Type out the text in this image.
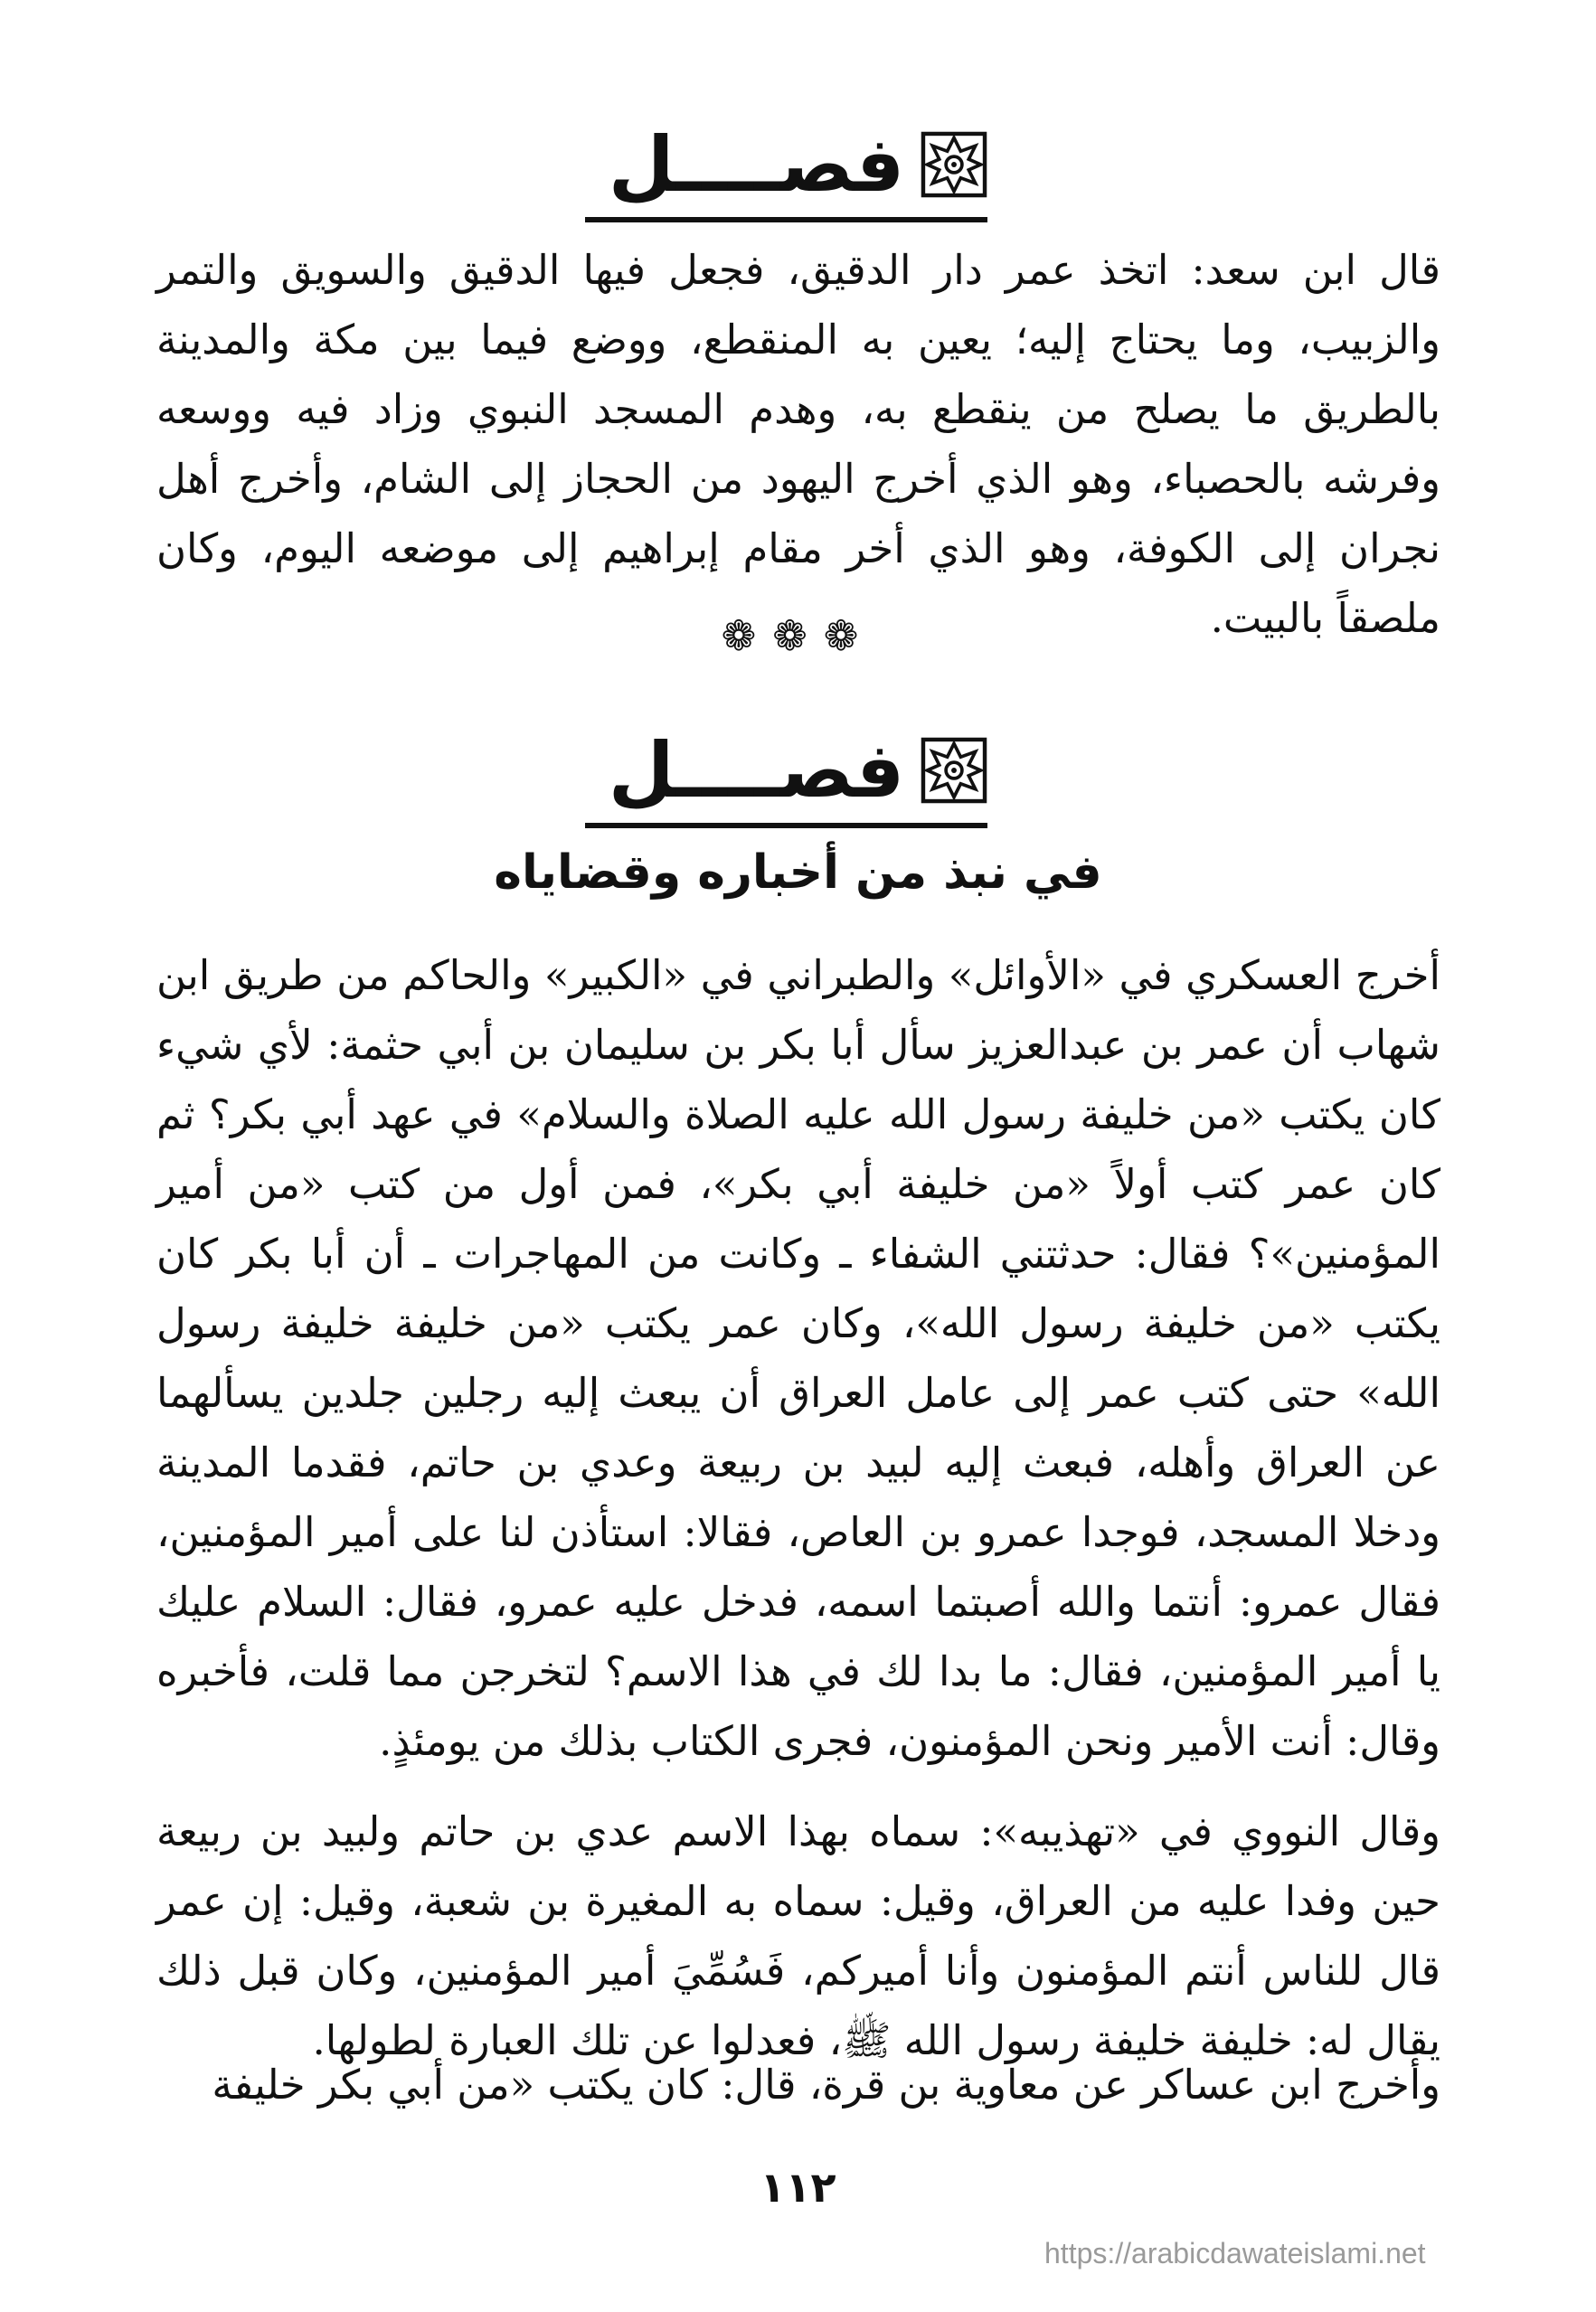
فصــــل

قال ابن سعد: اتخذ عمر دار الدقيق، فجعل فيها الدقيق والسويق والتمر والزبيب، وما يحتاج إليه؛ يعين به المنقطع، ووضع فيما بين مكة والمدينة بالطريق ما يصلح من ينقطع به، وهدم المسجد النبوي وزاد فيه ووسعه وفرشه بالحصباء، وهو الذي أخرج اليهود من الحجاز إلى الشام، وأخرج أهل نجران إلى الكوفة، وهو الذي أخر مقام إبراهيم إلى موضعه اليوم، وكان ملصقاً بالبيت.

❁❁❁
فصــــل
في نبذ من أخباره وقضاياه

أخرج العسكري في «الأوائل» والطبراني في «الكبير» والحاكم من طريق ابن شهاب أن عمر بن عبدالعزيز سأل أبا بكر بن سليمان بن أبي حثمة: لأي شيء كان يكتب «من خليفة رسول الله عليه الصلاة والسلام» في عهد أبي بكر؟ ثم كان عمر كتب أولاً «من خليفة أبي بكر»، فمن أول من كتب «من أمير المؤمنين»؟ فقال: حدثتني الشفاء ـ وكانت من المهاجرات ـ أن أبا بكر كان يكتب «من خليفة رسول الله»، وكان عمر يكتب «من خليفة خليفة رسول الله» حتى كتب عمر إلى عامل العراق أن يبعث إليه رجلين جلدين يسألهما عن العراق وأهله، فبعث إليه لبيد بن ربيعة وعدي بن حاتم، فقدما المدينة ودخلا المسجد، فوجدا عمرو بن العاص، فقالا: استأذن لنا على أمير المؤمنين، فقال عمرو: أنتما والله أصبتما اسمه، فدخل عليه عمرو، فقال: السلام عليك يا أمير المؤمنين، فقال: ما بدا لك في هذا الاسم؟ لتخرجن مما قلت، فأخبره وقال: أنت الأمير ونحن المؤمنون، فجرى الكتاب بذلك من يومئذٍ.

وقال النووي في «تهذيبه»: سماه بهذا الاسم عدي بن حاتم ولبيد بن ربيعة حين وفدا عليه من العراق، وقيل: سماه به المغيرة بن شعبة، وقيل: إن عمر قال للناس أنتم المؤمنون وأنا أميركم، فَسُمِّيَ أمير المؤمنين، وكان قبل ذلك يقال له: خليفة خليفة رسول الله ﷺ، فعدلوا عن تلك العبارة لطولها.

وأخرج ابن عساكر عن معاوية بن قرة، قال: كان يكتب «من أبي بكر خليفة

١١٢
https://arabicdawateislami.net
